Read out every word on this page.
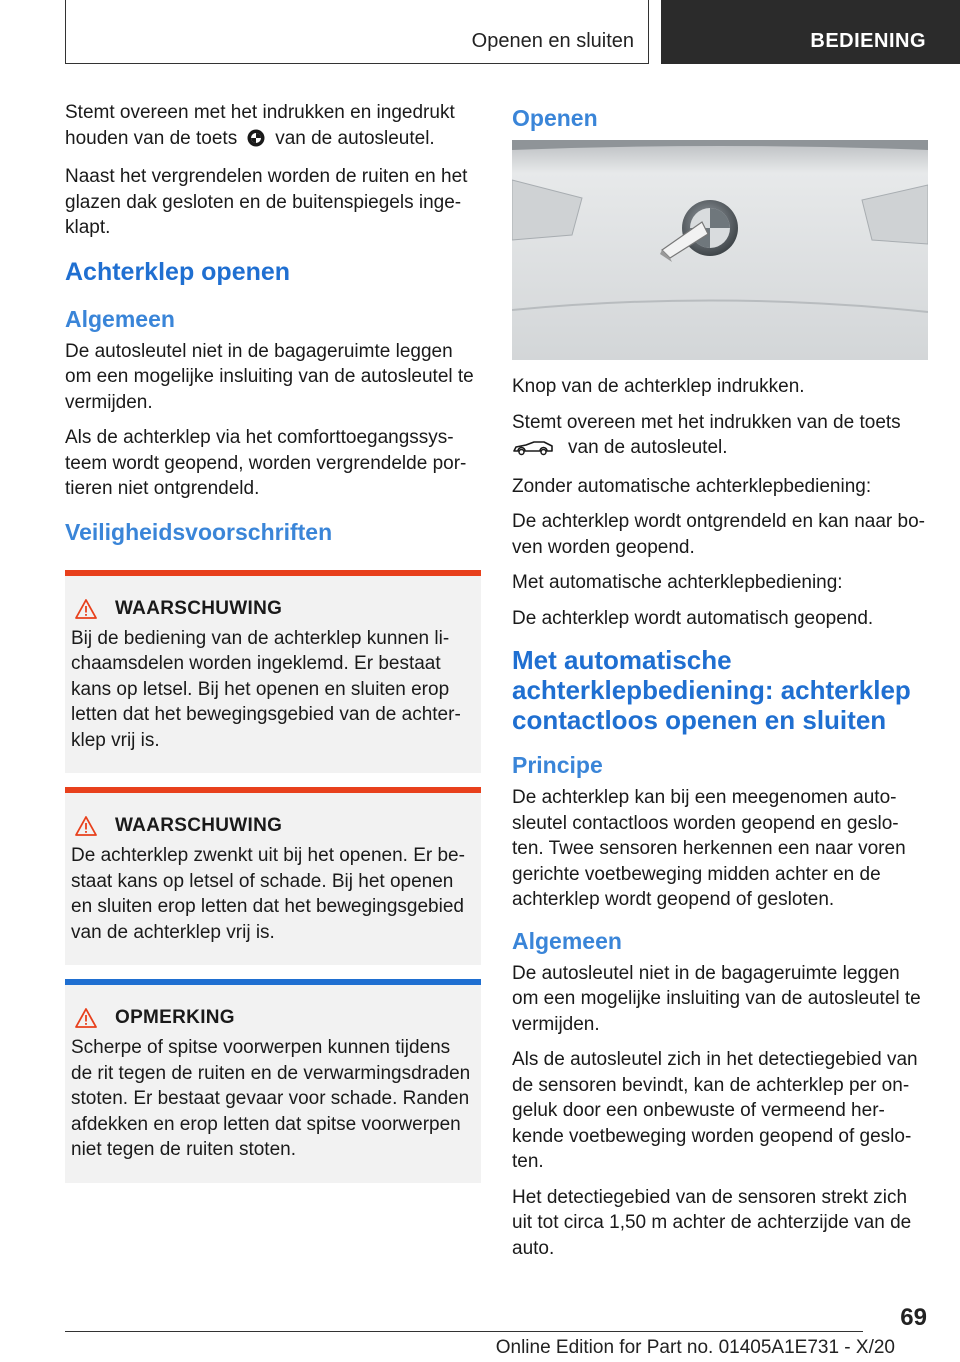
Openen en sluiten	BEDIENING

Stemt overeen met het indrukken en ingedrukt houden van de toets van de autosleutel.

Naast het vergrendelen worden de ruiten en het glazen dak gesloten en de buitenspiegels inge‐klapt.

Achterklep openen
Algemeen

De autosleutel niet in de bagageruimte leggen om een mogelijke insluiting van de autosleutel te vermijden.

Als de achterklep via het comforttoegangssys‐teem wordt geopend, worden vergrendelde por‐tieren niet ontgrendeld.

Veiligheidsvoorschriften
WAARSCHUWING

Bij de bediening van de achterklep kunnen li‐chaamsdelen worden ingeklemd. Er bestaat kans op letsel. Bij het openen en sluiten erop letten dat het bewegingsgebied van de achter‐klep vrij is.

WAARSCHUWING

De achterklep zwenkt uit bij het openen. Er be‐staat kans op letsel of schade. Bij het openen en sluiten erop letten dat het bewegingsgebied van de achterklep vrij is.

OPMERKING

Scherpe of spitse voorwerpen kunnen tijdens de rit tegen de ruiten en de verwarmingsdraden stoten. Er bestaat gevaar voor schade. Randen afdekken en erop letten dat spitse voorwerpen niet tegen de ruiten stoten.

Openen

Knop van de achterklep indrukken.

Stemt overeen met het indrukken van de toets
van de autosleutel.

Zonder automatische achterklepbediening:

De achterklep wordt ontgrendeld en kan naar bo‐ven worden geopend.

Met automatische achterklepbediening:

De achterklep wordt automatisch geopend.

Met automatische achterklepbediening: achterklep contactloos openen en sluiten
Principe

De achterklep kan bij een meegenomen auto‐sleutel contactloos worden geopend en geslo‐ten. Twee sensoren herkennen een naar voren gerichte voetbeweging midden achter en de achterklep wordt geopend of gesloten.

Algemeen

De autosleutel niet in de bagageruimte leggen om een mogelijke insluiting van de autosleutel te vermijden.

Als de autosleutel zich in het detectiegebied van de sensoren bevindt, kan de achterklep per on‐geluk door een onbewuste of vermeend her‐kende voetbeweging worden geopend of geslo‐ten.

Het detectiegebied van de sensoren strekt zich uit tot circa 1,50 m achter de achterzijde van de auto.

69
Online Edition for Part no. 01405A1E731 - X/20
